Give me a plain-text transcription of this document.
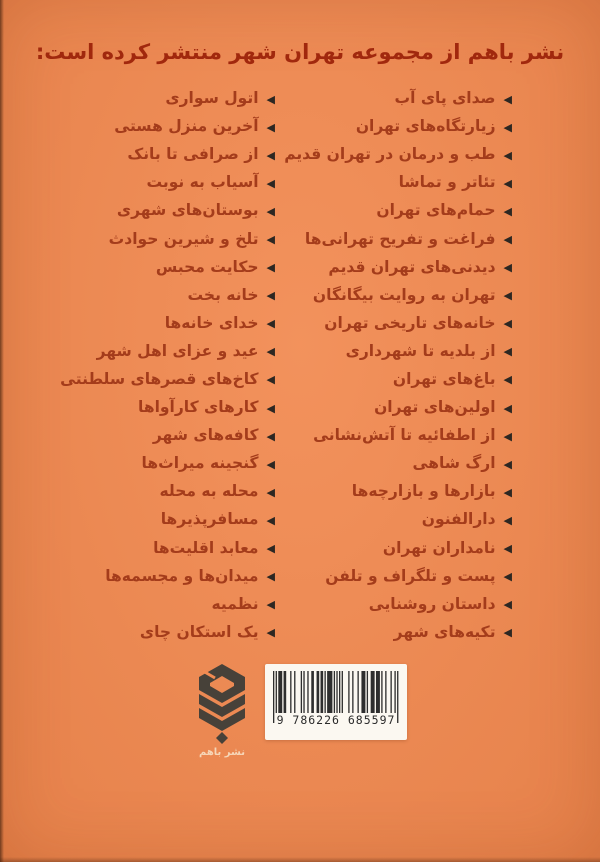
نشر باهم از مجموعه تهران شهر منتشر کرده است:
◀
صدای پای آب
◀
زیارتگاه‌های تهران
◀
طب و درمان در تهران قدیم
◀
تئاتر و تماشا
◀
حمام‌های تهران
◀
فراغت و تفریح تهرانی‌ها
◀
دیدنی‌های تهران قدیم
◀
تهران به روایت بیگانگان
◀
خانه‌های تاریخی تهران
◀
از بلدیه تا شهرداری
◀
باغ‌های تهران
◀
اولین‌های تهران
◀
از اطفائیه تا آتش‌نشانی
◀
ارگ شاهی
◀
بازارها و بازارچه‌ها
◀
دارالفنون
◀
نامداران تهران
◀
پست و تلگراف و تلفن
◀
داستان روشنایی
◀
تکیه‌های شهر
◀
اتول سواری
◀
آخرین منزل هستی
◀
از صرافی تا بانک
◀
آسیاب به نوبت
◀
بوستان‌های شهری
◀
تلخ و شیرین حوادث
◀
حکایت محبس
◀
خانه بخت
◀
خدای خانه‌ها
◀
عید و عزای اهل شهر
◀
کاخ‌های قصرهای سلطنتی
◀
کارهای کارآواها
◀
کافه‌های شهر
◀
گنجینه میراث‌ها
◀
محله به محله
◀
مسافرپذیرها
◀
معابد اقلیت‌ها
◀
میدان‌ها و مجسمه‌ها
◀
نظمیه
◀
یک استکان چای
نشر باهم
9 786226 685597
